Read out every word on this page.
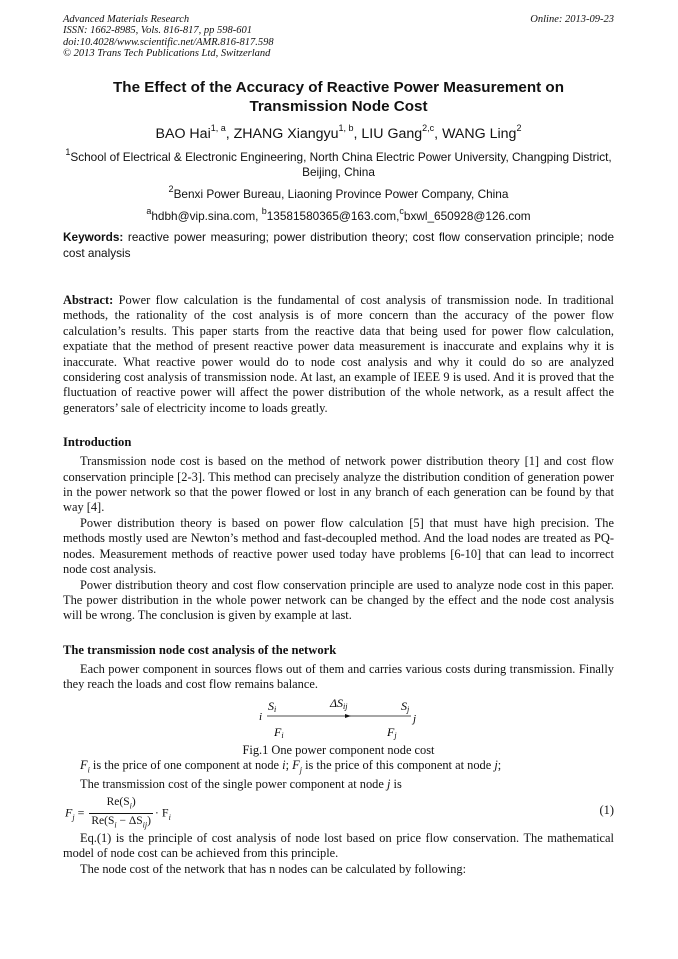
Advanced Materials Research
ISSN: 1662-8985, Vols. 816-817, pp 598-601
doi:10.4028/www.scientific.net/AMR.816-817.598
© 2013 Trans Tech Publications Ltd, Switzerland
Online: 2013-09-23
The Effect of the Accuracy of Reactive Power Measurement on Transmission Node Cost
BAO Hai$^{1, a}$, ZHANG Xiangyu$^{1, b}$, LIU Gang$^{2,c}$, WANG Ling$^2$
$^1$School of Electrical & Electronic Engineering, North China Electric Power University, Changping District, Beijing, China
$^2$Benxi Power Bureau, Liaoning Province Power Company, China
$^a$hdbh@vip.sina.com, $^b$13581580365@163.com,$^c$bxwl_650928@126.com
Keywords: reactive power measuring; power distribution theory; cost flow conservation principle; node cost analysis
Abstract: Power flow calculation is the fundamental of cost analysis of transmission node. In traditional methods, the rationality of the cost analysis is of more concern than the accuracy of the power flow calculation’s results. This paper starts from the reactive data that being used for power flow calculation, expatiate that the method of present reactive power data measurement is inaccurate and explains why it is inaccurate. What reactive power would do to node cost analysis and why it could do so are analyzed considering cost analysis of transmission node. At last, an example of IEEE 9 is used. And it is proved that the fluctuation of reactive power will affect the power distribution of the whole network, as a result affect the generators’ sale of electricity income to loads greatly.
Introduction

Transmission node cost is based on the method of network power distribution theory [1] and cost flow conservation principle [2-3]. This method can precisely analyze the distribution condition of generation power in the power network so that the power flowed or lost in any branch of each generation can be found by that way [4].

Power distribution theory is based on power flow calculation [5] that must have high precision. The methods mostly used are Newton’s method and fast-decoupled method. And the load nodes are treated as PQ-nodes. Measurement methods of reactive power used today have problems [6-10] that can lead to incorrect node cost analysis.

Power distribution theory and cost flow conservation principle are used to analyze node cost in this paper. The power distribution in the whole power network can be changed by the effect and the node cost analysis will be wrong. The conclusion is given by example at last.

The transmission node cost analysis of the network

Each power component in sources flows out of them and carries various costs during transmission. Finally they reach the loads and cost flow remains balance.

i
Si	ΔSij	Sj
j
Fi	Fj
Fig.1 One power component node cost

$F_i$ is the price of one component at node i; $F_j$ is the price of this component at node j;

The transmission cost of the single power component at node j is

$F_j = \frac{Re(S_i)}{Re(S_i - \Delta S_{ij})} \cdot F_i$
(1)

Eq.(1) is the principle of cost analysis of node lost based on price flow conservation. The mathematical model of node cost can be achieved from this principle.

The node cost of the network that has n nodes can be calculated by following:
